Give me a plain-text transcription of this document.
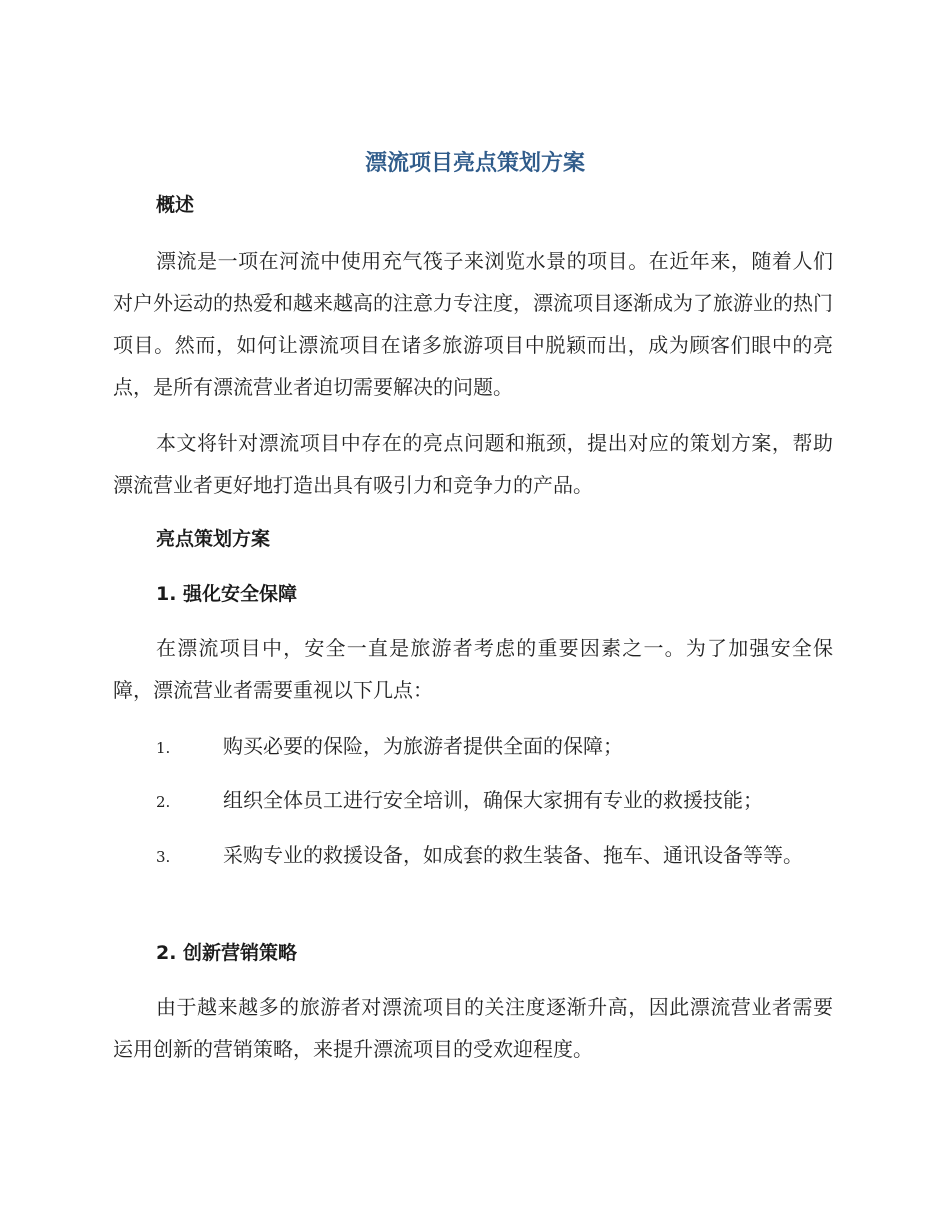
漂流项目亮点策划方案
概述
漂流是一项在河流中使用充气筏子来浏览水景的项目。在近年来，随着人们对户外运动的热爱和越来越高的注意力专注度，漂流项目逐渐成为了旅游业的热门项目。然而，如何让漂流项目在诸多旅游项目中脱颖而出，成为顾客们眼中的亮点，是所有漂流营业者迫切需要解决的问题。
本文将针对漂流项目中存在的亮点问题和瓶颈，提出对应的策划方案，帮助漂流营业者更好地打造出具有吸引力和竞争力的产品。
亮点策划方案
1. 强化安全保障
在漂流项目中，安全一直是旅游者考虑的重要因素之一。为了加强安全保障，漂流营业者需要重视以下几点：
1.	购买必要的保险，为旅游者提供全面的保障；
2.	组织全体员工进行安全培训，确保大家拥有专业的救援技能；
3.	采购专业的救援设备，如成套的救生装备、拖车、通讯设备等等。
2. 创新营销策略
由于越来越多的旅游者对漂流项目的关注度逐渐升高，因此漂流营业者需要运用创新的营销策略，来提升漂流项目的受欢迎程度。
